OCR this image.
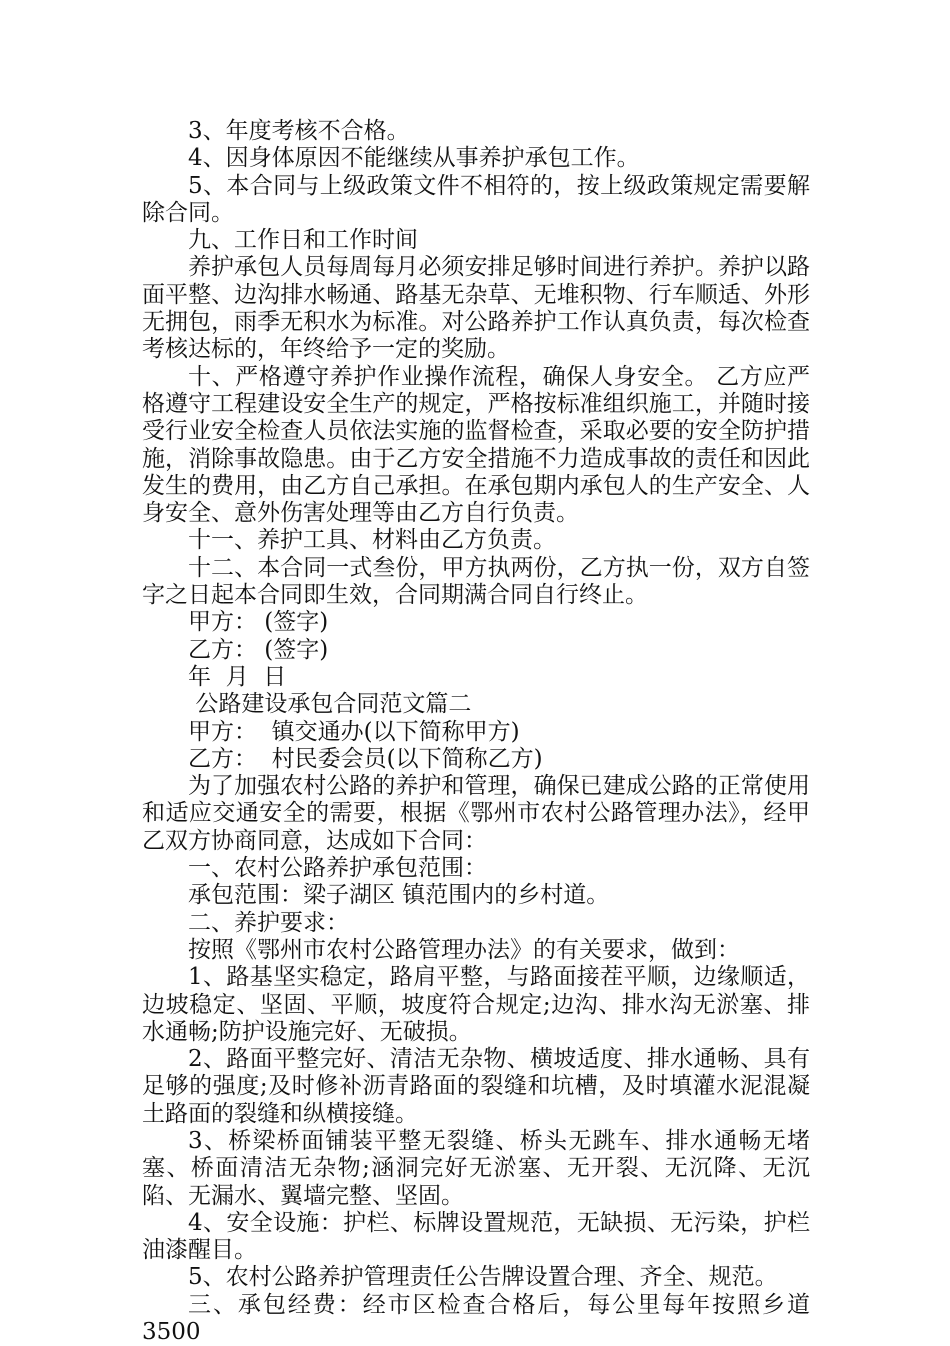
3、年度考核不合格。

4、因身体原因不能继续从事养护承包工作。

5、本合同与上级政策文件不相符的，按上级政策规定需要解除合同。

九、工作日和工作时间

养护承包人员每周每月必须安排足够时间进行养护。养护以路面平整、边沟排水畅通、路基无杂草、无堆积物、行车顺适、外形无拥包，雨季无积水为标准。对公路养护工作认真负责，每次检查考核达标的，年终给予一定的奖励。

十、严格遵守养护作业操作流程，确保人身安全。 乙方应严格遵守工程建设安全生产的规定，严格按标准组织施工，并随时接受行业安全检查人员依法实施的监督检查，采取必要的安全防护措施，消除事故隐患。由于乙方安全措施不力造成事故的责任和因此发生的费用，由乙方自己承担。在承包期内承包人的生产安全、人身安全、意外伤害处理等由乙方自行负责。

十一、养护工具、材料由乙方负责。

十二、本合同一式叁份，甲方执两份，乙方执一份，双方自签字之日起本合同即生效，合同期满合同自行终止。

甲方： (签字)

乙方： (签字)

年  月  日

公路建设承包合同范文篇二

甲方：  镇交通办(以下简称甲方)

乙方：  村民委会员(以下简称乙方)

为了加强农村公路的养护和管理，确保已建成公路的正常使用和适应交通安全的需要，根据《鄂州市农村公路管理办法》，经甲乙双方协商同意，达成如下合同：

一、农村公路养护承包范围：

承包范围：梁子湖区 镇范围内的乡村道。

二、养护要求：

按照《鄂州市农村公路管理办法》的有关要求，做到：

1、路基坚实稳定，路肩平整，与路面接茬平顺，边缘顺适，边坡稳定、坚固、平顺，坡度符合规定;边沟、排水沟无淤塞、排水通畅;防护设施完好、无破损。

2、路面平整完好、清洁无杂物、横坡适度、排水通畅、具有足够的强度;及时修补沥青路面的裂缝和坑槽，及时填灌水泥混凝土路面的裂缝和纵横接缝。

3、桥梁桥面铺装平整无裂缝、桥头无跳车、排水通畅无堵塞、桥面清洁无杂物;涵洞完好无淤塞、无开裂、无沉降、无沉陷、无漏水、翼墙完整、坚固。

4、安全设施：护栏、标牌设置规范，无缺损、无污染，护栏油漆醒目。

5、农村公路养护管理责任公告牌设置合理、齐全、规范。

三、承包经费：经市区检查合格后，每公里每年按照乡道3500
